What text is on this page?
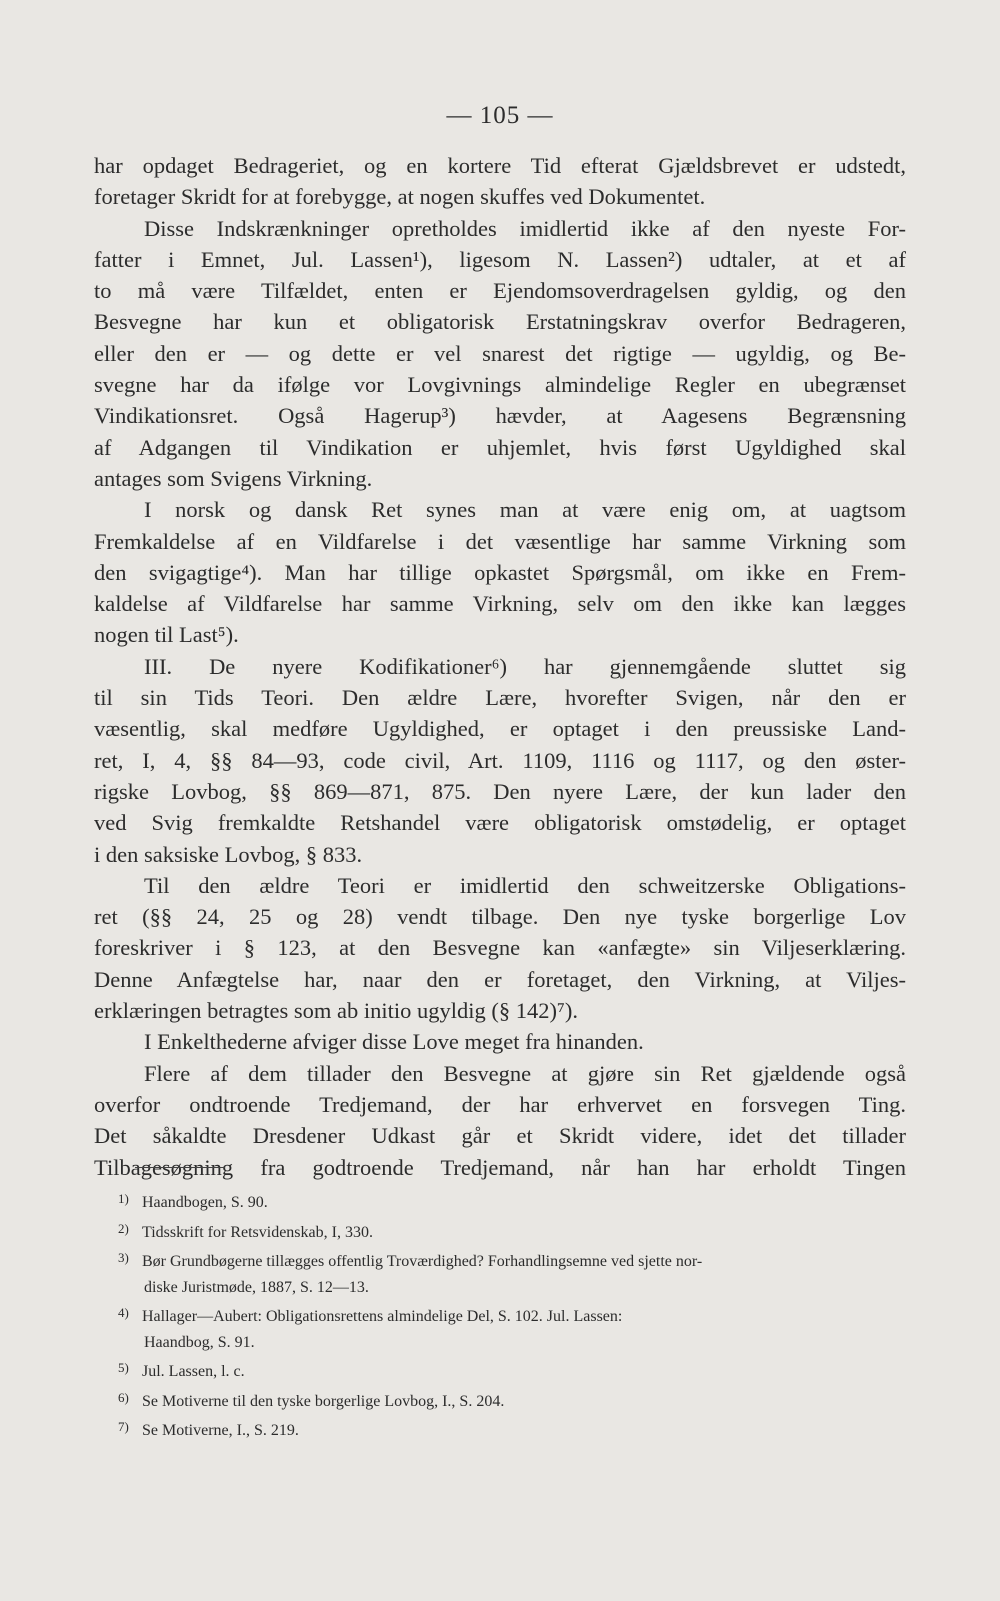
— 105 —
har opdaget Bedrageriet, og en kortere Tid efterat Gjældsbrevet er udstedt,
foretager Skridt for at forebygge, at nogen skuffes ved Dokumentet.
Disse Indskrænkninger opretholdes imidlertid ikke af den nyeste For-
fatter i Emnet, Jul. Lassen¹), ligesom N. Lassen²) udtaler, at et af
to må være Tilfældet, enten er Ejendomsoverdragelsen gyldig, og den
Besvegne har kun et obligatorisk Erstatningskrav overfor Bedrageren,
eller den er — og dette er vel snarest det rigtige — ugyldig, og Be-
svegne har da ifølge vor Lovgivnings almindelige Regler en ubegrænset
Vindikationsret. Også Hagerup³) hævder, at Aagesens Begrænsning
af Adgangen til Vindikation er uhjemlet, hvis først Ugyldighed skal
antages som Svigens Virkning.
I norsk og dansk Ret synes man at være enig om, at uagtsom
Fremkaldelse af en Vildfarelse i det væsentlige har samme Virkning som
den svigagtige⁴). Man har tillige opkastet Spørgsmål, om ikke en Frem-
kaldelse af Vildfarelse har samme Virkning, selv om den ikke kan lægges
nogen til Last⁵).
III. De nyere Kodifikationer⁶) har gjennemgående sluttet sig
til sin Tids Teori. Den ældre Lære, hvorefter Svigen, når den er
væsentlig, skal medføre Ugyldighed, er optaget i den preussiske Land-
ret, I, 4, §§ 84—93, code civil, Art. 1109, 1116 og 1117, og den øster-
rigske Lovbog, §§ 869—871, 875. Den nyere Lære, der kun lader den
ved Svig fremkaldte Retshandel være obligatorisk omstødelig, er optaget
i den saksiske Lovbog, § 833.
Til den ældre Teori er imidlertid den schweitzerske Obligations-
ret (§§ 24, 25 og 28) vendt tilbage. Den nye tyske borgerlige Lov
foreskriver i § 123, at den Besvegne kan «anfægte» sin Viljeserklæring.
Denne Anfægtelse har, naar den er foretaget, den Virkning, at Viljes-
erklæringen betragtes som ab initio ugyldig (§ 142)⁷).
I Enkelthederne afviger disse Love meget fra hinanden.
Flere af dem tillader den Besvegne at gjøre sin Ret gjældende også
overfor ondtroende Tredjemand, der har erhvervet en forsvegen Ting.
Det såkaldte Dresdener Udkast går et Skridt videre, idet det tillader
Tilbagesøgning fra godtroende Tredjemand, når han har erholdt Tingen
1) Haandbogen, S. 90.
2) Tidsskrift for Retsvidenskab, I, 330.
3) Bør Grundbøgerne tillægges offentlig Troværdighed? Forhandlingsemne ved sjette nor-
diske Juristmøde, 1887, S. 12—13.
4) Hallager—Aubert: Obligationsrettens almindelige Del, S. 102. Jul. Lassen:
Haandbog, S. 91.
5) Jul. Lassen, l. c.
6) Se Motiverne til den tyske borgerlige Lovbog, I., S. 204.
7) Se Motiverne, I., S. 219.
